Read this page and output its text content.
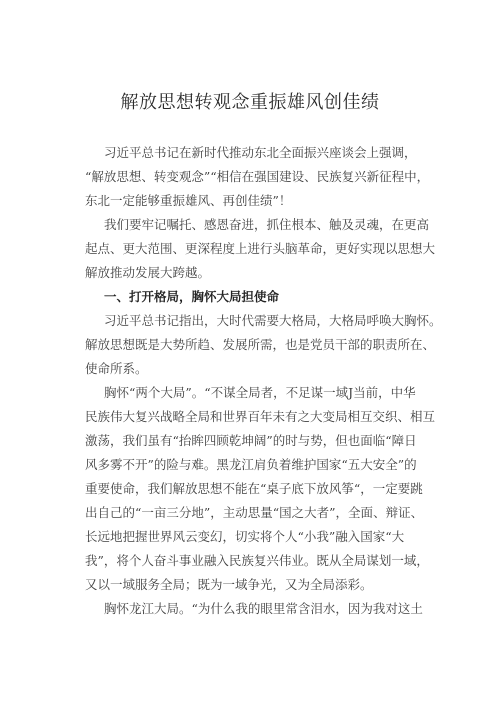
解放思想转观念重振雄风创佳绩
习近平总书记在新时代推动东北全面振兴座谈会上强调，
“解放思想、转变观念”“相信在强国建设、民族复兴新征程中，
东北一定能够重振雄风、再创佳绩”！
我们要牢记嘱托、感恩奋进，抓住根本、触及灵魂，在更高
起点、更大范围、更深程度上进行头脑革命，更好实现以思想大
解放推动发展大跨越。
一、打开格局，胸怀大局担使命
习近平总书记指出，大时代需要大格局，大格局呼唤大胸怀。
解放思想既是大势所趋、发展所需，也是党员干部的职责所在、
使命所系。
胸怀“两个大局”。“不谋全局者，不足谋一域J当前，中华
民族伟大复兴战略全局和世界百年未有之大变局相互交织、相互
激荡，我们虽有“抬眸四顾乾坤阔”的时与势，但也面临“障日
风多雾不开”的险与难。黑龙江肩负着维护国家“五大安全”的
重要使命，我们解放思想不能在“桌子底下放风筝“，一定要跳
出自己的“一亩三分地”，主动思量“国之大者”，全面、辩证、
长远地把握世界风云变幻，切实将个人“小我”融入国家“大
我”，将个人奋斗事业融入民族复兴伟业。既从全局谋划一域，
又以一域服务全局；既为一域争光，又为全局添彩。
胸怀龙江大局。“为什么我的眼里常含泪水，因为我对这土
